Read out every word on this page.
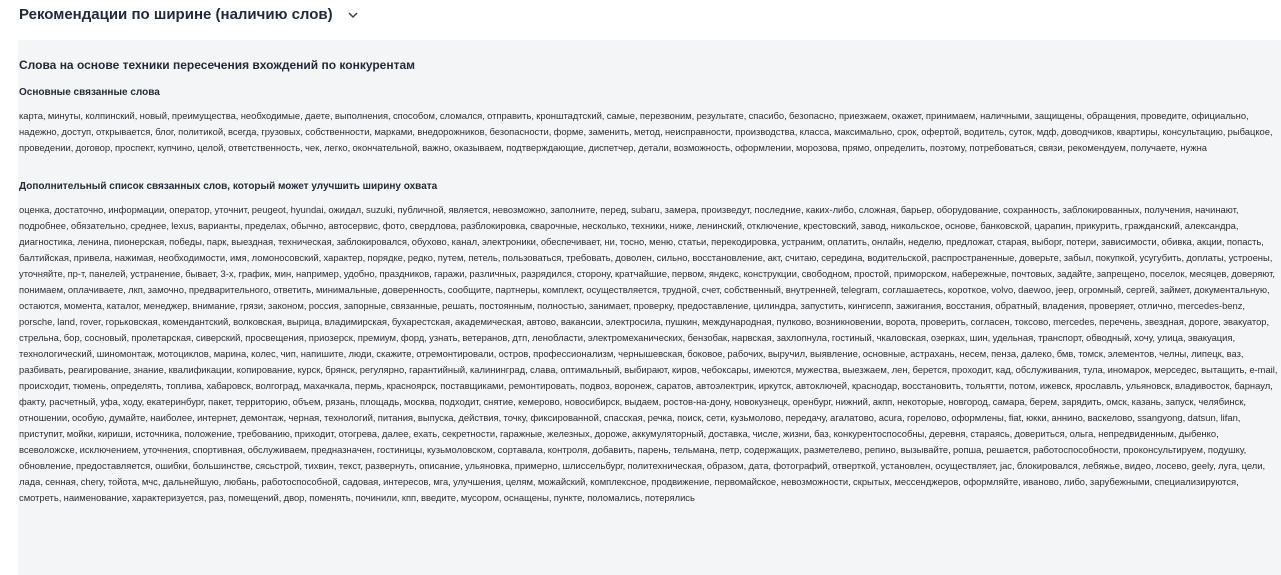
Рекомендации по ширине (наличию слов)
Слова на основе техники пересечения вхождений по конкурентам
Основные связанные слова
карта, минуты, колпинский, новый, преимущества, необходимые, даете, выполнения, способом, сломался, отправить, кронштадтский, самые, перезвоним, результате, спасибо, безопасно, приезжаем, окажет, принимаем, наличными, защищены, обращения, проведите, официально, надежно, доступ, открывается, блог, политикой, всегда, грузовых, собственности, марками, внедорожников, безопасности, форме, заменить, метод, неисправности, производства, класса, максимально, срок, офертой, водитель, суток, мдф, доводчиков, квартиры, консультацию, рыбацкое, проведении, договор, проспект, купчино, целой, ответственность, чек, легко, окончательной, важно, оказываем, подтверждающие, диспетчер, детали, возможность, оформлении, морозова, прямо, определить, поэтому, потребоваться, связи, рекомендуем, получаете, нужна
Дополнительный список связанных слов, который может улучшить ширину охвата
оценка, достаточно, информации, оператор, уточнит, peugeot, hyundai, ожидал, suzuki, публичной, является, невозможно, заполните, перед, subaru, замера, произведут, последние, каких-либо, сложная, барьер, оборудование, сохранность, заблокированных, получения, начинают, подробнее, обязательно, среднее, lexus, варианты, пределах, обычно, автосервис, фото, свердлова, разблокировка, сварочные, несколько, техники, ниже, ленинский, отключение, крестовский, завод, никольское, основе, банковской, царапин, прикурить, гражданский, александра, диагностика, ленина, пионерская, победы, парк, выездная, техническая, заблокировался, обухово, канал, электроники, обеспечивает, ни, тосно, меню, статьи, перекодировка, устраним, оплатить, онлайн, неделю, предложат, старая, выборг, потери, зависимости, обивка, акции, попасть, балтийская, привела, нажимая, необходимости, имя, ломоносовский, характер, порядке, редко, путем, петель, пользоваться, требовать, доволен, сильно, восстановление, акт, считаю, середина, водительской, распространенные, доверьте, забыл, покупкой, усугубить, доплаты, устроены, уточняйте, пр-т, панелей, устранение, бывает, 3-х, график, мин, например, удобно, праздников, гаражи, различных, разрядился, сторону, кратчайшие, первом, яндекс, конструкции, свободном, простой, приморском, набережные, почтовых, задайте, запрещено, поселок, месяцев, доверяют, понимаем, оплачиваете, лкп, замочно, предварительного, ответить, минимальные, доверенность, сообщите, партнеры, комплект, осуществляется, трудной, счет, собственный, внутренней, telegram, соглашаетесь, короткое, volvo, daewoo, jeep, огромный, сергей, займет, документальную, остаются, момента, каталог, менеджер, внимание, грязи, законом, россия, запорные, связанные, решать, постоянным, полностью, занимает, проверку, предоставление, цилиндра, запустить, кингисепп, зажигания, восстания, обратный, владения, проверяет, отлично, mercedes-benz, porsche, land, rover, горьковская, комендантский, волковская, вырица, владимирская, бухарестская, академическая, автово, вакансии, электросила, пушкин, международная, пулково, возникновении, ворота, проверить, согласен, токсово, mercedes, перечень, звездная, дороге, эвакуатор, стрельна, бор, сосновый, пролетарская, сиверский, просвещения, приозерск, премиум, форд, узнать, ветеранов, дтп, ленобласти, электромеханических, бензобак, нарвская, захлопнула, гостиный, чкаловская, озерках, шин, удельная, транспорт, обводный, хочу, улица, эвакуация, технологический, шиномонтаж, мотоциклов, марина, колес, чип, напишите, люди, скажите, отремонтировали, остров, профессионализм, чернышевская, боковое, рабочих, выручил, выявление, основные, астрахань, несем, пенза, далеко, бмв, томск, элементов, челны, липецк, ваз, разбивать, реагирование, знание, квалификации, копирование, курск, брянск, регулярно, гарантийный, калининград, слава, оптимальный, выбирают, киров, чебоксары, имеются, мужества, выезжаем, лен, берется, проходит, кад, обслуживания, тула, иномарок, мерседес, вытащить, e-mail, происходит, тюмень, определять, топлива, хабаровск, волгоград, махачкала, пермь, красноярск, поставщиками, ремонтировать, подвоз, воронеж, саратов, автоэлектрик, иркутск, автоключей, краснодар, восстановить, тольятти, потом, ижевск, ярославль, ульяновск, владивосток, барнаул, факту, расчетный, уфа, ходу, екатеринбург, пакет, территорию, объем, рязань, площадь, москва, подходит, снятие, кемерово, новосибирск, выдаем, ростов-на-дону, новокузнецк, оренбург, нижний, акпп, некоторые, новгород, самара, берем, зарядить, омск, казань, запуск, челябинск, отношении, особую, думайте, наиболее, интернет, демонтаж, черная, технологий, питания, выпуска, действия, точку, фиксированной, спасская, речка, поиск, сети, кузьмолово, передачу, агалатово, acura, горелово, оформлены, fiat, юкки, аннино, васкелово, ssangyong, datsun, lifan, приступит, мойки, кириши, источника, положение, требованию, приходит, отогрева, далее, ехать, секретности, гаражные, железных, дороже, аккумуляторный, доставка, числе, жизни, баз, конкурентоспособны, деревня, стараясь, довериться, ольга, непредвиденным, дыбенко, всеволожске, исключением, уточнения, спортивная, обслуживаем, предназначен, гостиницы, кузьмоловском, сортавала, контроля, добавить, парень, тельмана, петр, содержащих, разметелево, репино, вызывайте, ропша, решается, работоспособности, проконсультируем, подушку, обновление, предоставляется, ошибки, большинстве, сясьстрой, тихвин, текст, развернуть, описание, ульяновка, примерно, шлиссельбург, политехническая, образом, дата, фотографий, отверткой, установлен, осуществляет, jac, блокировался, лебяжье, видео, лосево, geely, луга, цели, лада, сенная, chery, тойота, мчс, дальнейшую, любань, работоспособной, садовая, интересов, мга, улучшения, целям, можайский, комплексное, продвижение, первомайское, невозможности, скрытых, мессенджеров, оформляйте, иваново, либо, зарубежными, специализируются, смотреть, наименование, характеризуется, раз, помещений, двор, поменять, починили, кпп, введите, мусором, оснащены, пункте, поломались, потерялись
